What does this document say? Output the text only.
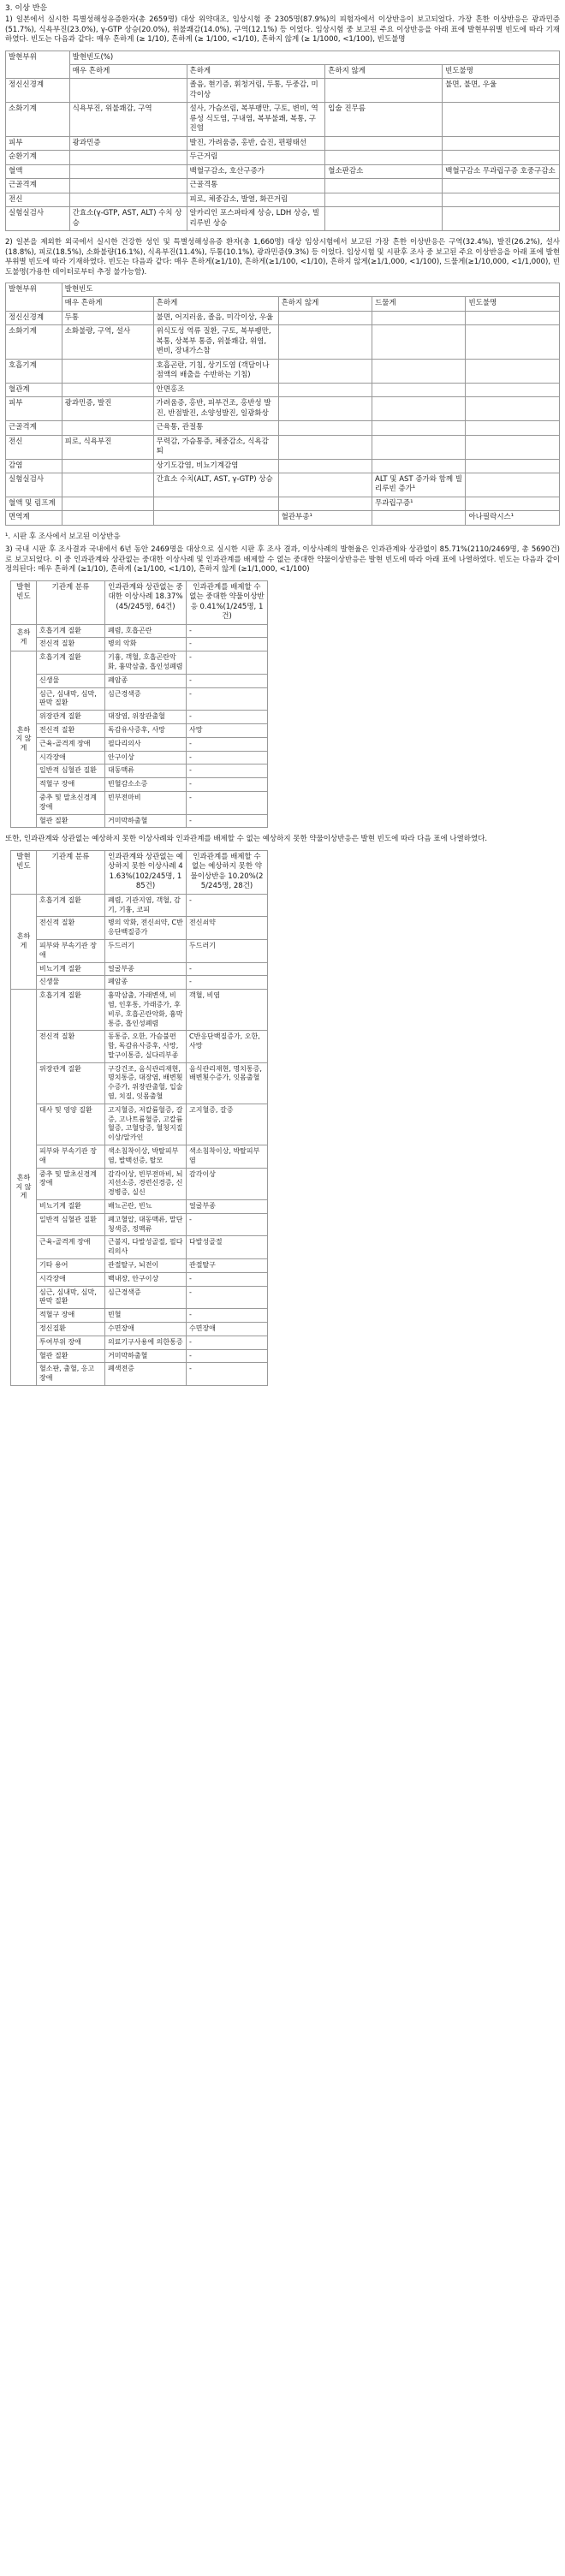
3. 이상 반응

1) 일본에서 실시한 특별성해성유증환자(총 2659명) 대상 위약대조, 임상시험 중 2305명(87.9%)의 피험자에서 이상반응이 보고되었다. 가장 흔한 이상반응은 광과민증(51.7%), 식욕부진(23.0%), γ-GTP 상승(20.0%), 위불쾌감(14.0%), 구역(12.1%) 등 이었다. 임상시험 중 보고된 주요 이상반응을 아래 표에 발현부위별 빈도에 따라 기재하였다. 빈도는 다음과 같다: 매우 흔하게 (≥ 1/10), 흔하게 (≥ 1/100, <1/10), 흔하지 않게 (≥ 1/1000, <1/100), 빈도불명

발현부위	발현빈도(%)			
	매우 흔하게	흔하게	흔하지 않게	빈도불명
정신신경계		졸음, 현기증, 휘청거림, 두통, 두중감, 미각이상		불면, 불면, 우울
소화기계	식욕부진, 위불쾌감, 구역	설사, 가슴쓰림, 복부팽만, 구토, 변비, 역류성 식도염, 구내염, 복부불쾌, 복통, 구진염	입술 진무름	
피부	광과민증	발진, 가려움증, 홍반, 습진, 편평태선		
순환기계		두근거림		
혈액		백혈구감소, 호산구증가	혈소판감소	백혈구감소 무과립구증 호중구감소
근골격계		근골격통		
전신		피로, 체중감소, 발열, 화끈거림		
실험실검사	간효소(γ-GTP, AST, ALT) 수치 상승	알카리인 포스파타제 상승, LDH 상승, 빌리루빈 상승		

2) 일본을 제외한 외국에서 실시한 건강한 성인 및 특별성해성유증 환자(총 1,660명) 대상 임상시험에서 보고된 가장 흔한 이상반응은 구역(32.4%), 발진(26.2%), 설사(18.8%), 피로(18.5%), 소화불량(16.1%), 식욕부진(11.4%), 두통(10.1%), 광과민증(9.3%) 등 이었다. 임상시험 및 시판후 조사 중 보고된 주요 이상반응을 아래 표에 발현부위별 빈도에 따라 기재하였다. 빈도는 다음과 같다: 매우 흔하게(≥1/10), 흔하게(≥1/100, <1/10), 흔하지 않게(≥1/1,000, <1/100), 드물게(≥1/10,000, <1/1,000), 빈도불명(가용한 데이터로부터 추정 불가능함).

발현부위	발현빈도				
	매우 흔하게	흔하게	흔하지 않게	드물게	빈도불명
정신신경계	두통	불면, 어지러움, 졸음, 미각이상, 우울			
소화기계	소화불량, 구역, 설사	위식도성 역류 질환, 구토, 복부팽만, 복통, 상복부 통증, 위불쾌감, 위염, 변비, 장내가스참			
호흡기계		호흡곤란, 기침, 상기도염 (객담이나 점액의 배출을 수반하는 기침)			
혈관계		안면홍조			
피부	광과민증, 발진	가려움증, 홍반, 피부건조, 홍반성 발진, 반점발진, 소양성발진, 일광화상			
근골격계		근육통, 관절통			
전신	피로, 식욕부진	무력감, 가슴통증, 체중감소, 식욕감퇴			
감염		상기도감염, 비뇨기계감염			
실험실검사		간효소 수치(ALT, AST, γ-GTP) 상승		ALT 및 AST 증가와 함께 빌리루빈 증가¹	
혈액 및 림프계				무과립구증¹	
면역계			혈관부종¹		아나필락시스¹

¹. 시판 후 조사에서 보고된 이상반응

3) 국내 시판 후 조사결과 국내에서 6년 동안 2469명을 대상으로 실시한 시판 후 조사 결과, 이상사례의 발현율은 인과관계와 상관없이 85.71%(2110/2469명, 총 5690건)로 보고되었다. 이 중 인과관계와 상관없는 중대한 이상사례 및 인과관계를 배제할 수 없는 중대한 약물이상반응은 발현 빈도에 따라 아래 표에 나열하였다. 빈도는 다음과 같이 정의된다: 매우 흔하게 (≥1/10), 흔하게 (≥1/100, <1/10), 흔하지 않게 (≥1/1,000, <1/100)

발현 빈도	기관계 분류	인과관계와 상관없는 중대한 이상사례 18.37%(45/245명, 64건)	인과관계를 배제할 수 없는 중대한 약물이상반응 0.41%(1/245명, 1건)
흔하게	호흡기계 질환	폐렴, 호흡곤란	-
	전신적 질환	병의 악화	-
흔하지 않게	호흡기계 질환	기흉, 객혈, 호흡곤란악화, 흉막삼출, 흡인성폐렴	-
	신생물	폐암종	-
	심근, 심내막, 심막, 판막 질환	심근경색증	-
	위장관계 질환	대장염, 위장관출혈	-
	전신적 질환	독감유사증후, 사망	사망
	근육-골격계 장애	필다리의사	-
	시각장애	안구이상	-
	일반적 심혈관 질환	대동맥류	-
	적혈구 장애	빈혈감소소증	-
	중추 및 말초신경계 장애	빈부전마비	-
	혈관 질환	거미막하출혈	-

또한, 인과관계와 상관없는 예상하지 못한 이상사례와 인과관계를 배제할 수 없는 예상하지 못한 약물이상반응은 발현 빈도에 따라 다음 표에 나열하였다.

발현 빈도	기관계 분류	인과관계와 상관없는 예상하지 못한 이상사례 41.63%(102/245명, 185건)	인과관계를 배제할 수 없는 예상하지 못한 약물이상반응 10.20%(25/245명, 28건)
흔하게	호흡기계 질환	폐렴, 기관지염, 객혈, 감기, 기흉, 코피	-
	전신적 질환	병의 악화, 전신쇠약, C반응단백질증가	전신쇠약
	피부와 부속기관 장애	두드러기	두드러기
	비뇨기계 질환	얼굴부종	-
	신생물	폐암종	-
흔하지 않게	호흡기계 질환	흉막삼출, 가래변색, 비염, 인후통, 가래증가, 후비루, 호흡곤란악화, 흉막통증, 흡인성폐렴	객혈, 비염
	전신적 질환	동통증, 오한, 가슴불편함, 독감유사증후, 사망, 말구이통증, 실다리부종	C반응단백질증가, 오한, 사망
	위장관계 질환	구강건조, 음식관리재현, 명치통증, 대장염, 배변횟수증가, 위장관출혈, 입술염, 치질, 잇몸출혈	음식관리재현, 명치통증, 배변횟수증가, 잇몸출혈
	대사 및 영양 질환	고지혈증, 저칼륨혈증, 갈증, 고나트륨혈증, 고칼륨혈증, 고혈당증, 혈청지질 이상/알카인	고지혈증, 갈증
	피부와 부속기관 장애	색소침착이상, 박탈피부염, 발백선증, 탈모	색소침착이상, 박탈피부염
	중추 및 말초신경계 장애	감각이상, 빈부전마비, 뇌지선소증, 경련신경증, 신경병증, 실신	감각이상
	비뇨기계 질환	배뇨곤란, 빈뇨	얼굴부종
	일반적 심혈관 질환	폐고혈압, 대동맥류, 말단청색증, 정맥류	-
	근육-골격계 장애	근불지, 다발성골절, 필다리의사	다발성골절
	기타 용어	관절탈구, 뇌전이	관절탈구
	시각장애	백내장, 안구이상	-
	심근, 심내막, 심막, 판막 질환	심근경색증	-
	적혈구 장애	빈혈	-
	정신질환	수면장애	수면장애
	투여부위 장애	의료기구사용에 의한통증	-
	혈관 질환	거미막하출혈	-
	혈소판, 출혈, 응고 장애	폐색전증	-
